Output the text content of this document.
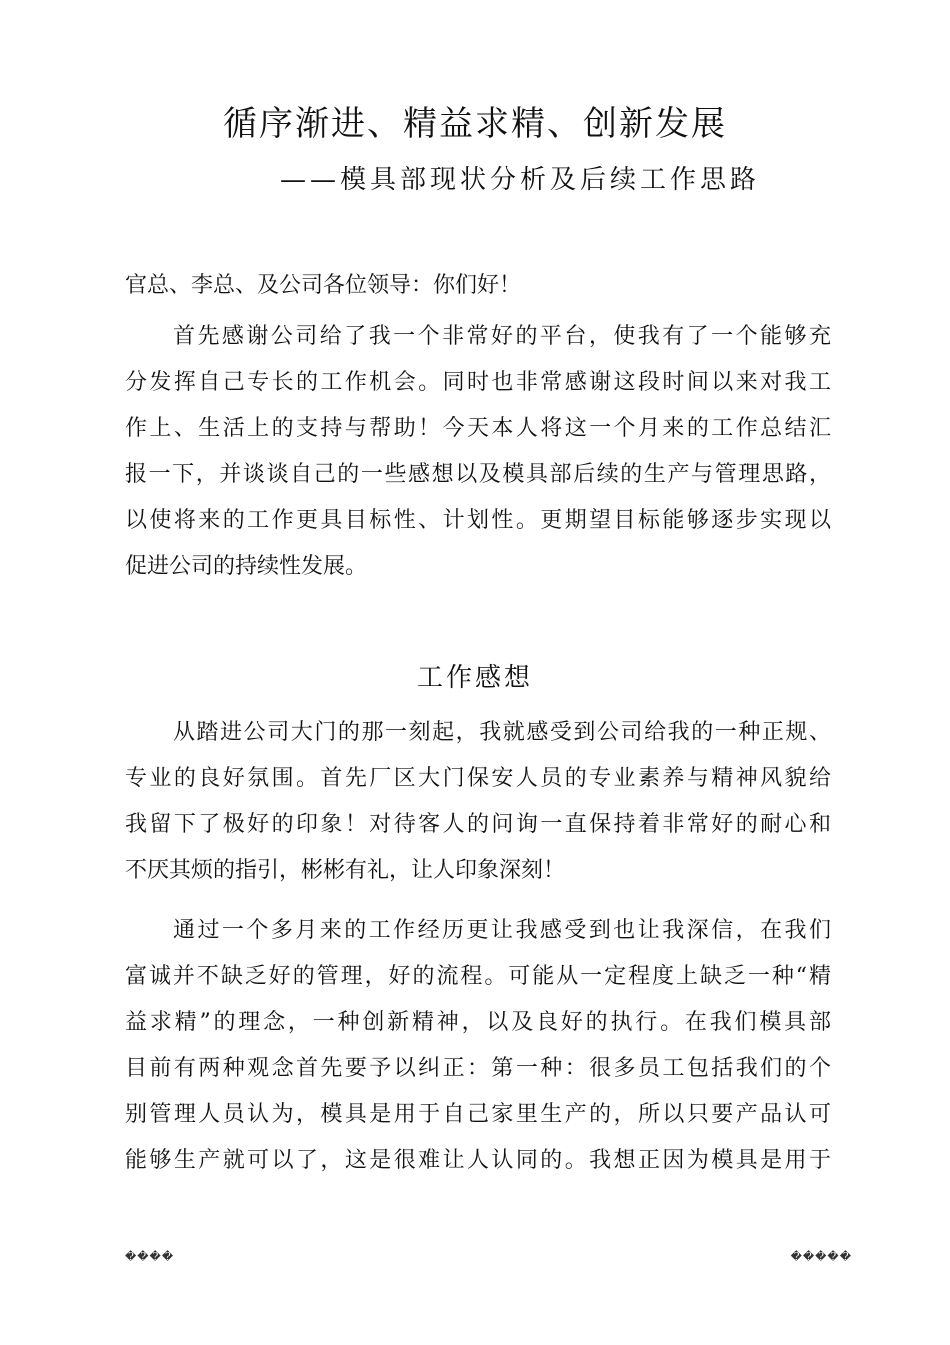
循序渐进、精益求精、创新发展
——模具部现状分析及后续工作思路

官总、李总、及公司各位领导：你们好！

首先感谢公司给了我一个非常好的平台，使我有了一个能够充
分发挥自己专长的工作机会。同时也非常感谢这段时间以来对我工
作上、生活上的支持与帮助！今天本人将这一个月来的工作总结汇
报一下，并谈谈自己的一些感想以及模具部后续的生产与管理思路，
以使将来的工作更具目标性、计划性。更期望目标能够逐步实现以
促进公司的持续性发展。
工作感想
从踏进公司大门的那一刻起，我就感受到公司给我的一种正规、
专业的良好氛围。首先厂区大门保安人员的专业素养与精神风貌给
我留下了极好的印象！对待客人的问询一直保持着非常好的耐心和
不厌其烦的指引，彬彬有礼，让人印象深刻！
通过一个多月来的工作经历更让我感受到也让我深信，在我们
富诚并不缺乏好的管理，好的流程。可能从一定程度上缺乏一种“精
益求精”的理念，一种创新精神，以及良好的执行。在我们模具部
目前有两种观念首先要予以纠正：第一种：很多员工包括我们的个
别管理人员认为，模具是用于自己家里生产的，所以只要产品认可
能够生产就可以了，这是很难让人认同的。我想正因为模具是用于
����	�����
